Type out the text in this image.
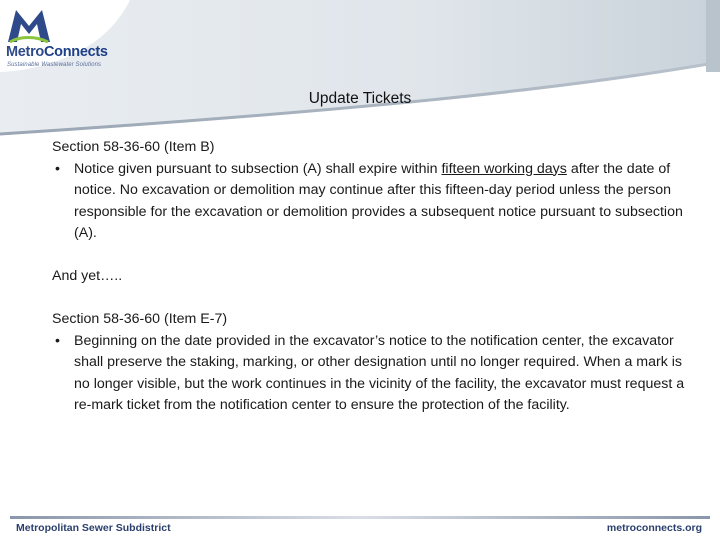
MetroConnects
Sustainable Wastewater Solutions
Update Tickets

Section 58-36-60 (Item B)

• Notice given pursuant to subsection (A) shall expire within fifteen working days after the date of notice. No excavation or demolition may continue after this fifteen-day period unless the person responsible for the excavation or demolition provides a subsequent notice pursuant to subsection (A).

And yet…..

Section 58-36-60 (Item E-7)

• Beginning on the date provided in the excavator’s notice to the notification center, the excavator shall preserve the staking, marking, or other designation until no longer required. When a mark is no longer visible, but the work continues in the vicinity of the facility, the excavator must request a re-mark ticket from the notification center to ensure the protection of the facility.

Metropolitan Sewer Subdistrict	metroconnects.org
